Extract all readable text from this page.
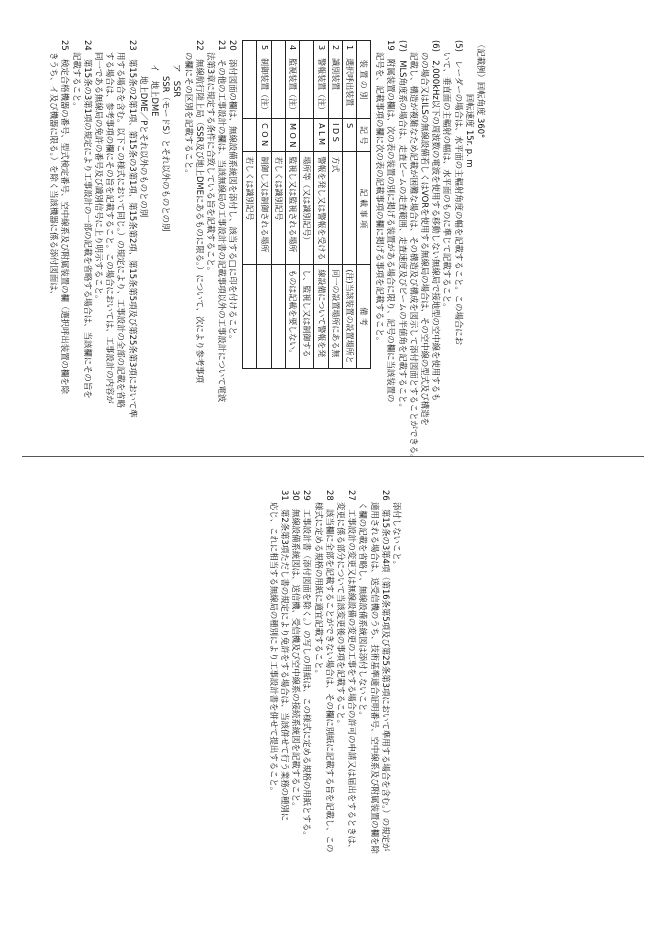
（記載例）回転角度 360°
　　　　　回転速度 15r. p. m
(5)　レーダーの場合は、水平面の主輻射角度の幅を記載すること。この場合にお
いて、垂直面の主輻射の幅は、水平面のものに準じて記載すること。
(6)　2,000kHz以下の周波数の電波を使用する移動しない無線局で接地型の空中線を使用するも
のの場合又はILSの無線設備若しくはVORを使用する無線局の場合は、その空中線の型式及び構造を
記載し、構造が複雑なため記載が困難な場合は、その構造及び構成を図示して添付図面とすることができる。
(7)　MLS角度系の場合は、走査ビームの走査範囲、走査速度及びビームの半値角を記載すること。
19　附属装置の欄は、次の表の装置の別に掲げる装置がある場合に限り、記号の欄に当該装置の
記号を、記載事項の欄に次の表の記載事項の欄に掲げる事項を記載すること。
装 置 の 別	記 号	記 載 事 項	備 考
1　選択呼出装置	S		(注)当該装置の設置場所と
2　識別装置	I D S	方式	同一の設置場所にある無
3　警報装置（注）	A L M	警報を発し又は警報を受ける	線設備について警報を発
		場所等（又は識別記号）	し、監視し又は制御する
4　監視装置（注）	M O N	監視し又は監視される場所	ものは記載を要しない。
		若しくは識別記号	
5　制御装置（注）	C O N	制御し又は制御される場所	
		若しくは識別記号	
20　添付図面の欄は、無線設備系統図を添付し、該当する□に印を付けること。
21　その他の工事設計の欄は、当該無線局の工事設計書の記載事項以外の工事設計について電波
法第3章に規定する条件に合致している旨を記載すること。
22　無線航行陸上局（SSR及び地上DMEにあるものに限る。）について、次により参考事項
の欄にその区別を記載すること。
ア　SSR
SSR（モードS）とそれ以外のものとの別
イ　地上DME
地上DME／Pとそれ以外のものとの別
23　第15条の2第1項、第15条の3第1項、第15条第2項、第15条第5項及び第25条第3項において準
用する場合を含む。以下この様式において同じ。）の規定により、工事設計の全部の記載を省略
する場合は、参考事項の欄にその旨を記載すること。この場合においては、工事設計の内容が
同一である無線局の免許の番号及び識別信号に上り明示すること。
24　第15条の3第1項の規定により工事設計の一部の記載を省略する場合は、当該欄にその旨を
記載すること。
25　検定合格機器の番号、型式検定番号、空中線系及び附属装置の欄（選択呼出装置の欄を除
きうち、イ及び機器に限る。）を除く当該機器に係る添付図面は、
添付しないこと。
26　第15条の3第4項（第16条第5項及び第25条第3項において準用する場合を含む。）の規定が
適用される場合は、送受信機のうち、技術基準適合証明番号、空中線系及び附属装置の欄を除
く欄の記載を省略し、無線設備系統図は添付しないこと。
27　工事設計の変更又は無線設備の変更の工事をする場合の許可の申請又は届出をするときは、
変更に係る部分について当該変更後の事項を記載すること。
28　該当欄に全部を記載することができない場合は、その欄に別紙に記載する旨を記載し、この
様式に定める規格の用紙に適宜記載すること。
29　工事設計書（添付図面を除く。）の写しの用紙は、この様式に定める規格の用紙とする。
30　無線設備系統図は、送信機、受信機及び空中線系の接続系統図を記載すること。
31　第2条第3項ただし書の規定により免許をする場合は、当該併せて行う業務の種別に
応じ、これに相当する無線局の種別により工事設計書を併せて提出すること。
